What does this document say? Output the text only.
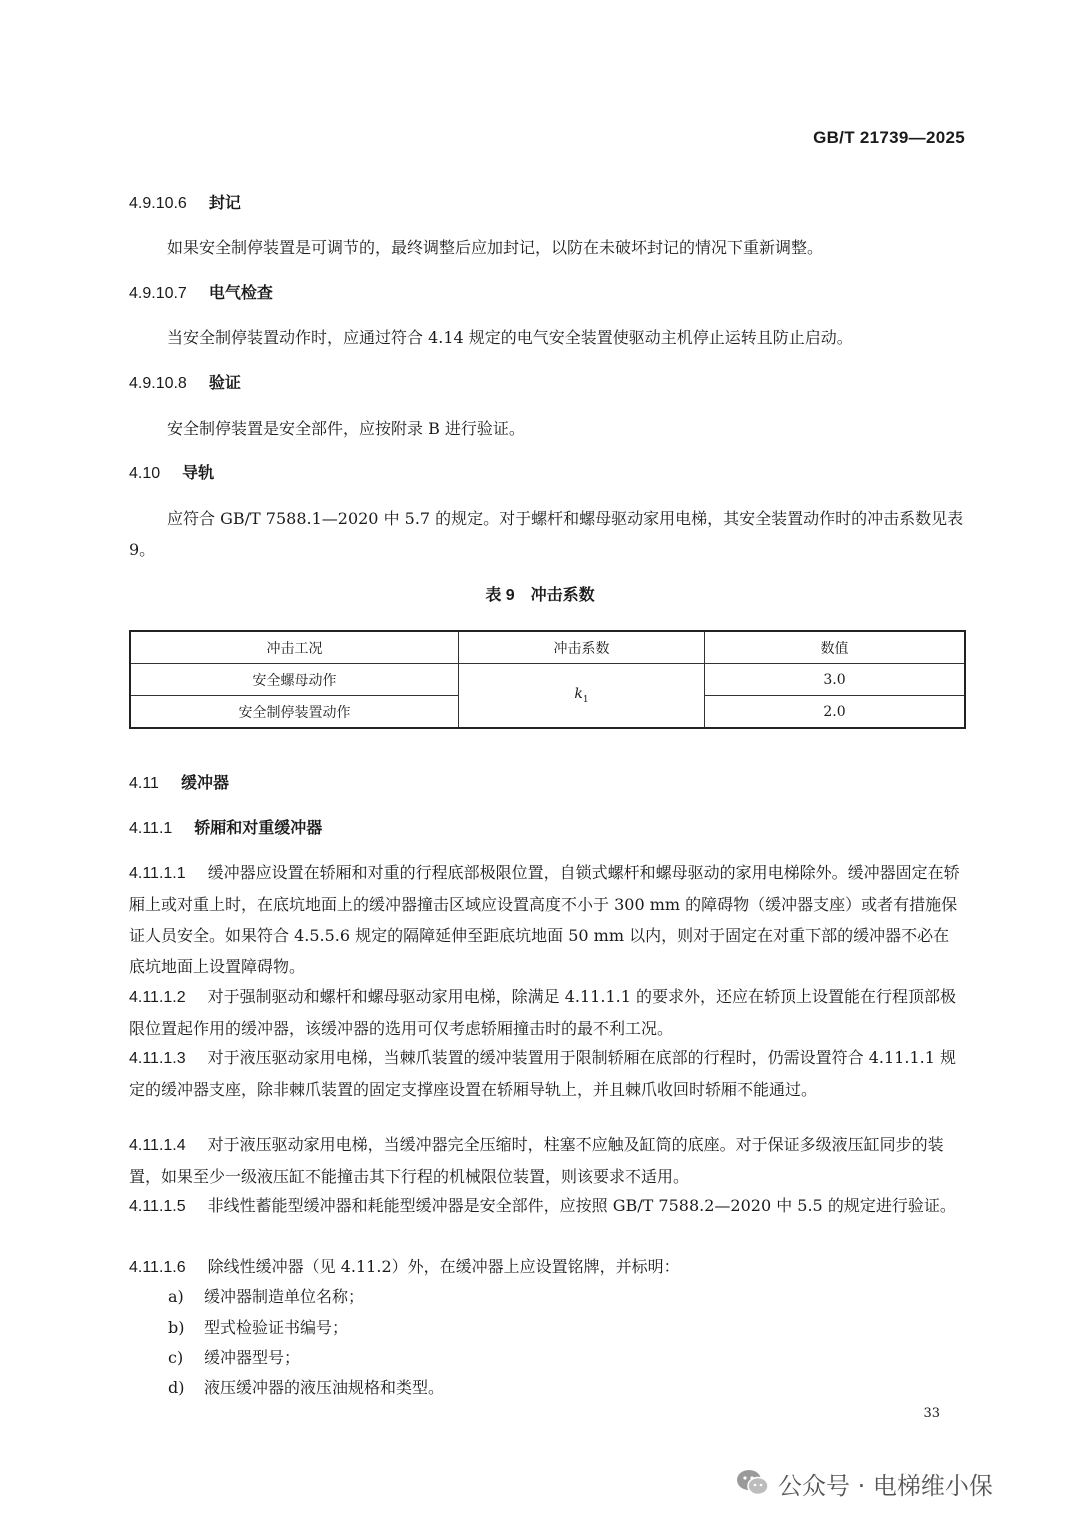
GB/T 21739—2025
4.9.10.6 封记
如果安全制停装置是可调节的，最终调整后应加封记，以防在未破坏封记的情况下重新调整。
4.9.10.7 电气检查
当安全制停装置动作时，应通过符合 4.14 规定的电气安全装置使驱动主机停止运转且防止启动。
4.9.10.8 验证
安全制停装置是安全部件，应按附录 B 进行验证。
4.10 导轨
应符合 GB/T 7588.1—2020 中 5.7 的规定。对于螺杆和螺母驱动家用电梯，其安全装置动作时的冲击系数见表 9。
表 9　冲击系数
冲击工况	冲击系数	数值
安全螺母动作	$k_1$	3.0
安全制停装置动作		2.0
4.11 缓冲器
4.11.1 轿厢和对重缓冲器
4.11.1.1 缓冲器应设置在轿厢和对重的行程底部极限位置，自锁式螺杆和螺母驱动的家用电梯除外。缓冲器固定在轿厢上或对重上时，在底坑地面上的缓冲器撞击区域应设置高度不小于 300 mm 的障碍物（缓冲器支座）或者有措施保证人员安全。如果符合 4.5.5.6 规定的隔障延伸至距底坑地面 50 mm 以内，则对于固定在对重下部的缓冲器不必在底坑地面上设置障碍物。
4.11.1.2 对于强制驱动和螺杆和螺母驱动家用电梯，除满足 4.11.1.1 的要求外，还应在轿顶上设置能在行程顶部极限位置起作用的缓冲器，该缓冲器的选用可仅考虑轿厢撞击时的最不利工况。
4.11.1.3 对于液压驱动家用电梯，当棘爪装置的缓冲装置用于限制轿厢在底部的行程时，仍需设置符合 4.11.1.1 规定的缓冲器支座，除非棘爪装置的固定支撑座设置在轿厢导轨上，并且棘爪收回时轿厢不能通过。
4.11.1.4 对于液压驱动家用电梯，当缓冲器完全压缩时，柱塞不应触及缸筒的底座。对于保证多级液压缸同步的装置，如果至少一级液压缸不能撞击其下行程的机械限位装置，则该要求不适用。
4.11.1.5 非线性蓄能型缓冲器和耗能型缓冲器是安全部件，应按照 GB/T 7588.2—2020 中 5.5 的规定进行验证。
4.11.1.6 除线性缓冲器（见 4.11.2）外，在缓冲器上应设置铭牌，并标明：
a) 缓冲器制造单位名称；
b) 型式检验证书编号；
c) 缓冲器型号；
d) 液压缓冲器的液压油规格和类型。
33
公众号 · 电梯维小保
